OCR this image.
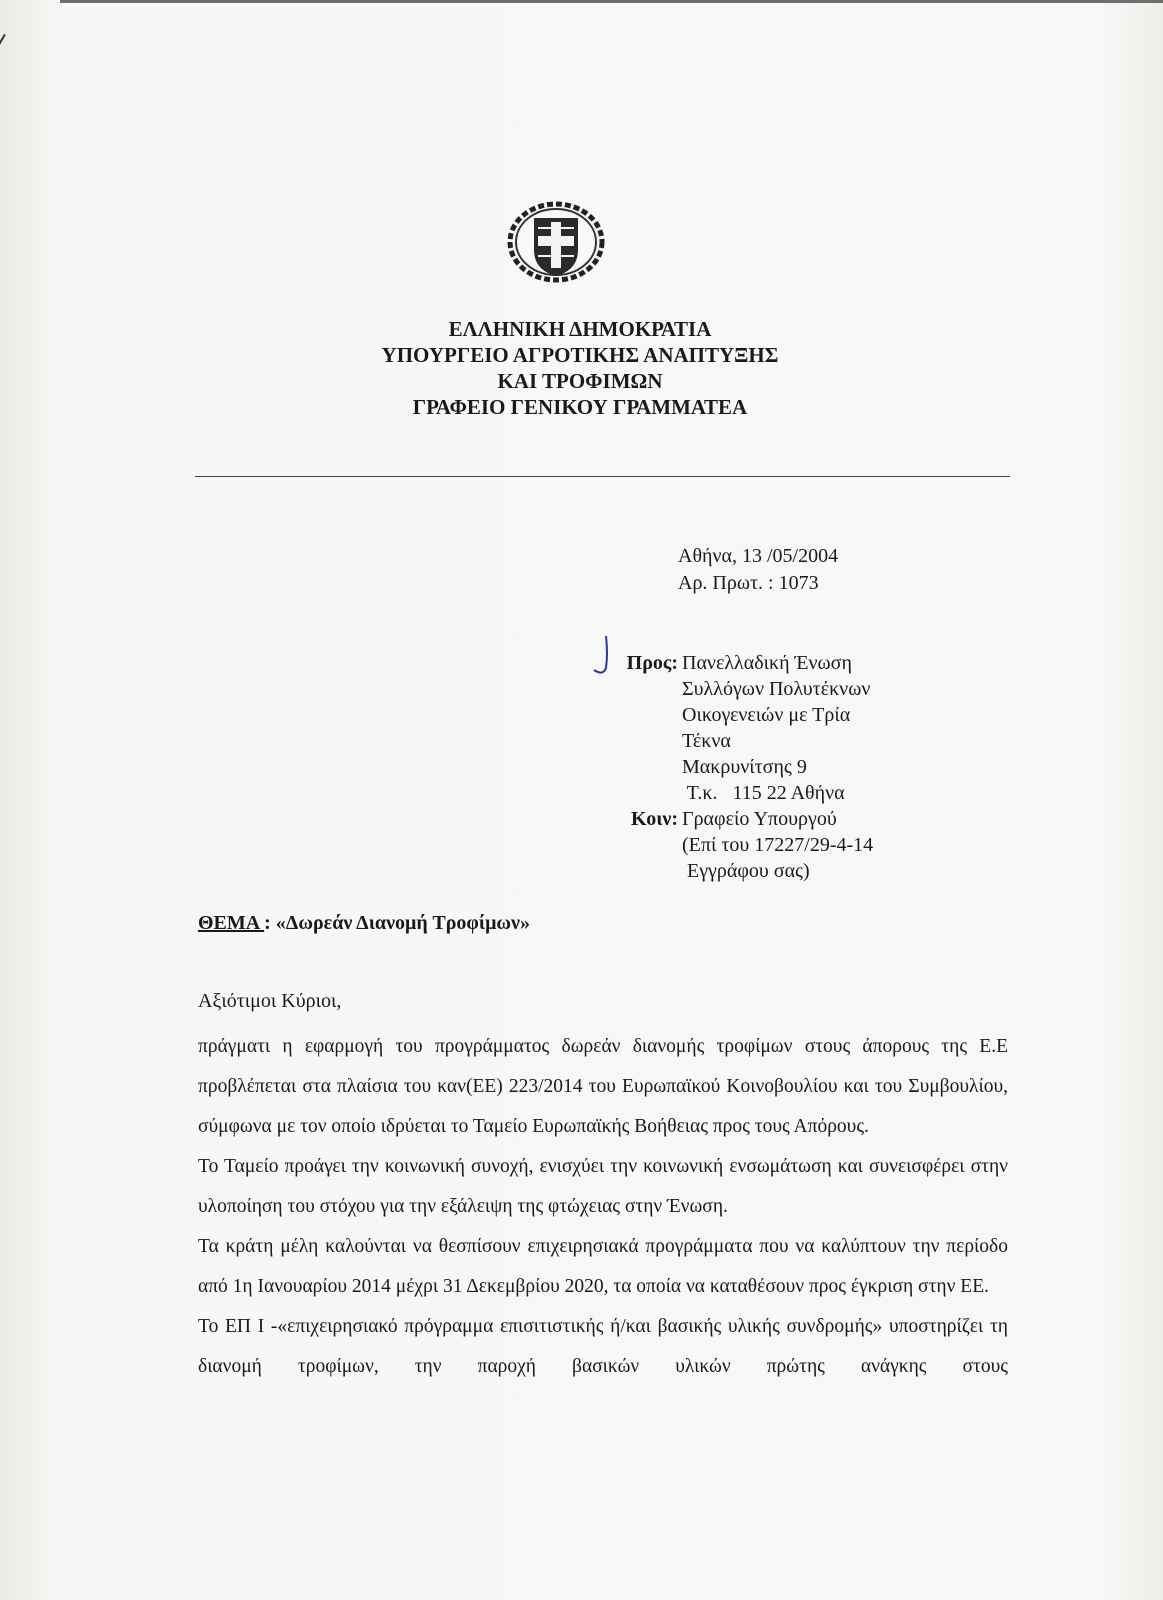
ΕΛΛΗΝΙΚΗ ΔΗΜΟΚΡΑΤΙΑ
ΥΠΟΥΡΓΕΙΟ ΑΓΡΟΤΙΚΗΣ ΑΝΑΠΤΥΞΗΣ
ΚΑΙ ΤΡΟΦΙΜΩΝ
ΓΡΑΦΕΙΟ ΓΕΝΙΚΟΥ ΓΡΑΜΜΑΤΕΑ
Αθήνα, 13 /05/2004
Αρ. Πρωτ. : 1073
Προς: Πανελλαδική Ένωση
Συλλόγων Πολυτέκνων
Οικογενειών με Τρία
Τέκνα
Μακρυνίτσης 9
Τ.κ.   115 22 Αθήνα
Κοιν: Γραφείο Υπουργού
(Επί του 17227/29-4-14
Εγγράφου σας)
ΘΕΜΑ : «Δωρεάν Διανομή Τροφίμων»
Αξιότιμοι Κύριοι,

πράγματι η εφαρμογή του προγράμματος δωρεάν διανομής τροφίμων στους άπορους της Ε.Ε προβλέπεται στα πλαίσια του καν(ΕΕ) 223/2014 του Ευρωπαϊκού Κοινοβουλίου και του Συμβουλίου, σύμφωνα με τον οποίο ιδρύεται το Ταμείο Ευρωπαϊκής Βοήθειας προς τους Απόρους.

Το Ταμείο προάγει την κοινωνική συνοχή, ενισχύει την κοινωνική ενσωμάτωση και συνεισφέρει στην υλοποίηση του στόχου για την εξάλειψη της φτώχειας στην Ένωση.

Τα κράτη μέλη καλούνται να θεσπίσουν επιχειρησιακά προγράμματα που να καλύπτουν την περίοδο από 1η Ιανουαρίου 2014 μέχρι 31 Δεκεμβρίου 2020, τα οποία να καταθέσουν προς έγκριση στην ΕΕ.

Το ΕΠ Ι -«επιχειρησιακό πρόγραμμα επισιτιστικής ή/και βασικής υλικής συνδρομής» υποστηρίζει τη διανομή τροφίμων, την παροχή βασικών υλικών πρώτης ανάγκης στους
